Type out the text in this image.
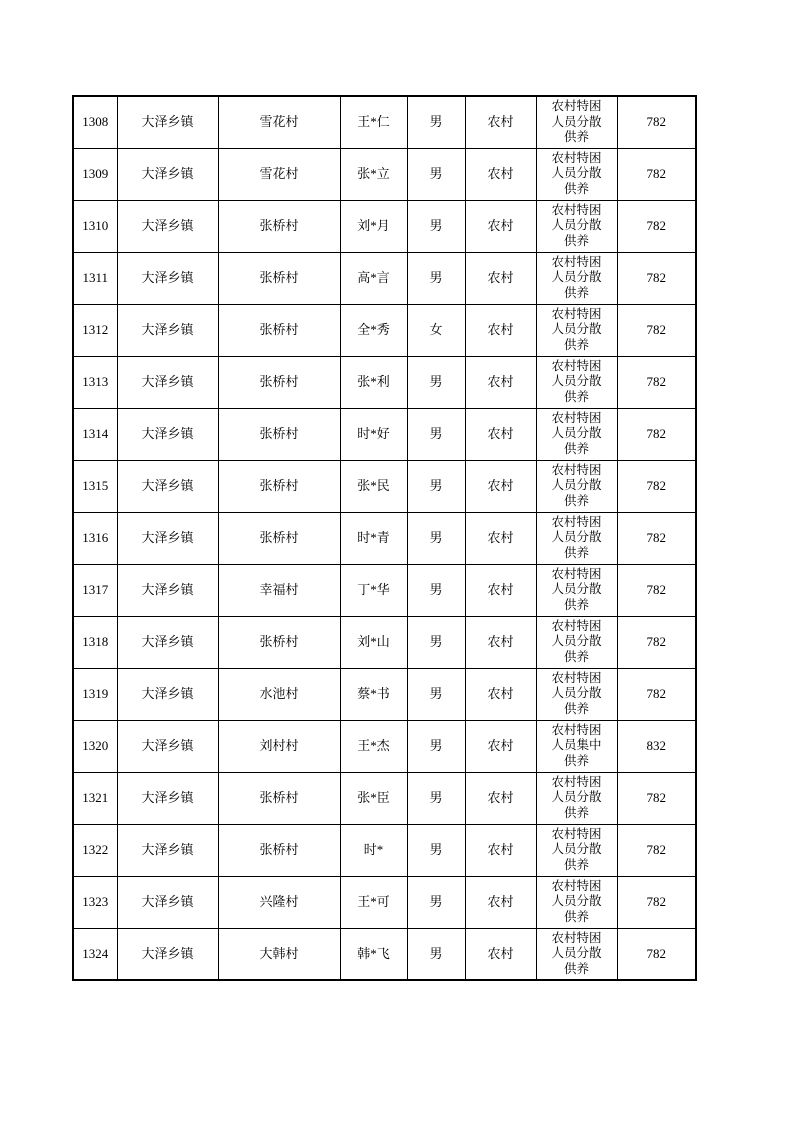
1308	大泽乡镇	雪花村	王*仁	男	农村	农村特困人员分散供养	782
1309	大泽乡镇	雪花村	张*立	男	农村	农村特困人员分散供养	782
1310	大泽乡镇	张桥村	刘*月	男	农村	农村特困人员分散供养	782
1311	大泽乡镇	张桥村	高*言	男	农村	农村特困人员分散供养	782
1312	大泽乡镇	张桥村	全*秀	女	农村	农村特困人员分散供养	782
1313	大泽乡镇	张桥村	张*利	男	农村	农村特困人员分散供养	782
1314	大泽乡镇	张桥村	时*好	男	农村	农村特困人员分散供养	782
1315	大泽乡镇	张桥村	张*民	男	农村	农村特困人员分散供养	782
1316	大泽乡镇	张桥村	时*青	男	农村	农村特困人员分散供养	782
1317	大泽乡镇	幸福村	丁*华	男	农村	农村特困人员分散供养	782
1318	大泽乡镇	张桥村	刘*山	男	农村	农村特困人员分散供养	782
1319	大泽乡镇	水池村	蔡*书	男	农村	农村特困人员分散供养	782
1320	大泽乡镇	刘村村	王*杰	男	农村	农村特困人员集中供养	832
1321	大泽乡镇	张桥村	张*臣	男	农村	农村特困人员分散供养	782
1322	大泽乡镇	张桥村	时*	男	农村	农村特困人员分散供养	782
1323	大泽乡镇	兴隆村	王*可	男	农村	农村特困人员分散供养	782
1324	大泽乡镇	大韩村	韩*飞	男	农村	农村特困人员分散供养	782
